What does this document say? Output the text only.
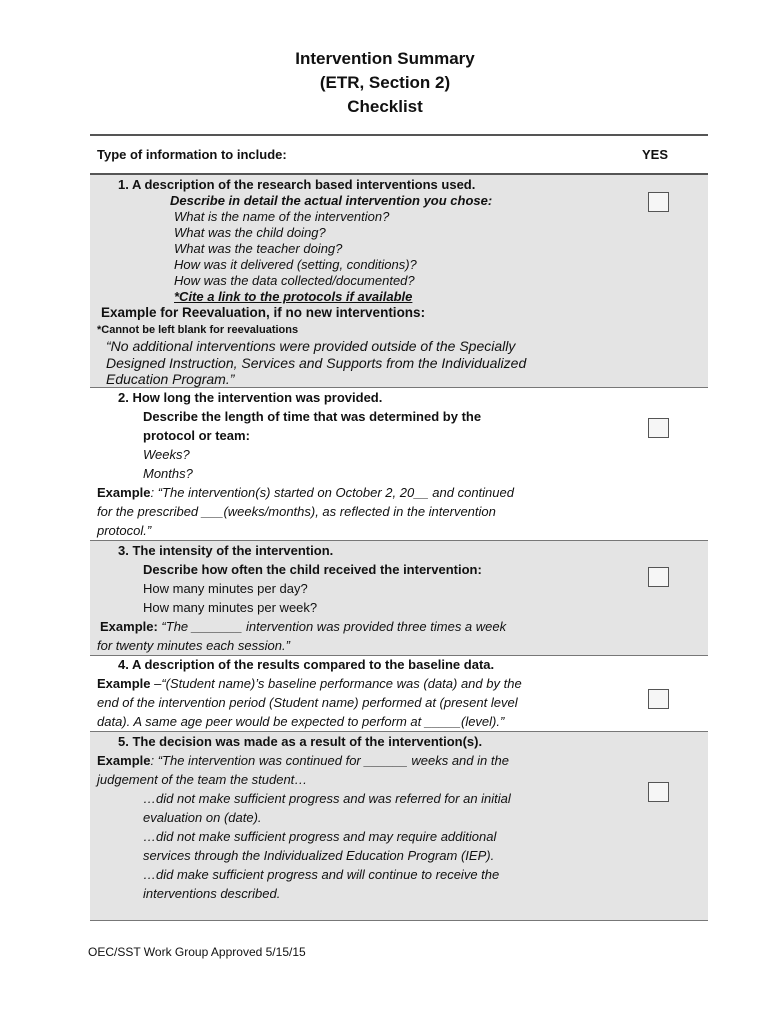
Intervention Summary
(ETR, Section 2)
Checklist
Type of information to include:	YES
1. A description of the research based interventions used.
Describe in detail the actual intervention you chose:
What is the name of the intervention?
What was the child doing?
What was the teacher doing?
How was it delivered (setting, conditions)?
How was the data collected/documented?
*Cite a link to the protocols if available
Example for Reevaluation, if no new interventions:
*Cannot be left blank for reevaluations
“No additional interventions were provided outside of the Specially
Designed Instruction, Services and Supports from the Individualized
Education Program.”
2. How long the intervention was provided.
Describe the length of time that was determined by the
protocol or team:
Weeks?
Months?
Example: “The intervention(s) started on October 2, 20__ and continued
for the prescribed ___(weeks/months), as reflected in the intervention
protocol.”
3. The intensity of the intervention.
Describe how often the child received the intervention:
How many minutes per day?
How many minutes per week?
Example: “The _______ intervention was provided three times a week
for twenty minutes each session.”
4. A description of the results compared to the baseline data.
Example –“(Student name)’s baseline performance was (data) and by the
end of the intervention period (Student name) performed at (present level
data). A same age peer would be expected to perform at _____(level).”
5. The decision was made as a result of the intervention(s).
Example: “The intervention was continued for ______ weeks and in the
judgement of the team the student…
…did not make sufficient progress and was referred for an initial
evaluation on (date).
…did not make sufficient progress and may require additional
services through the Individualized Education Program (IEP).
…did make sufficient progress and will continue to receive the
interventions described.
OEC/SST Work Group Approved 5/15/15
